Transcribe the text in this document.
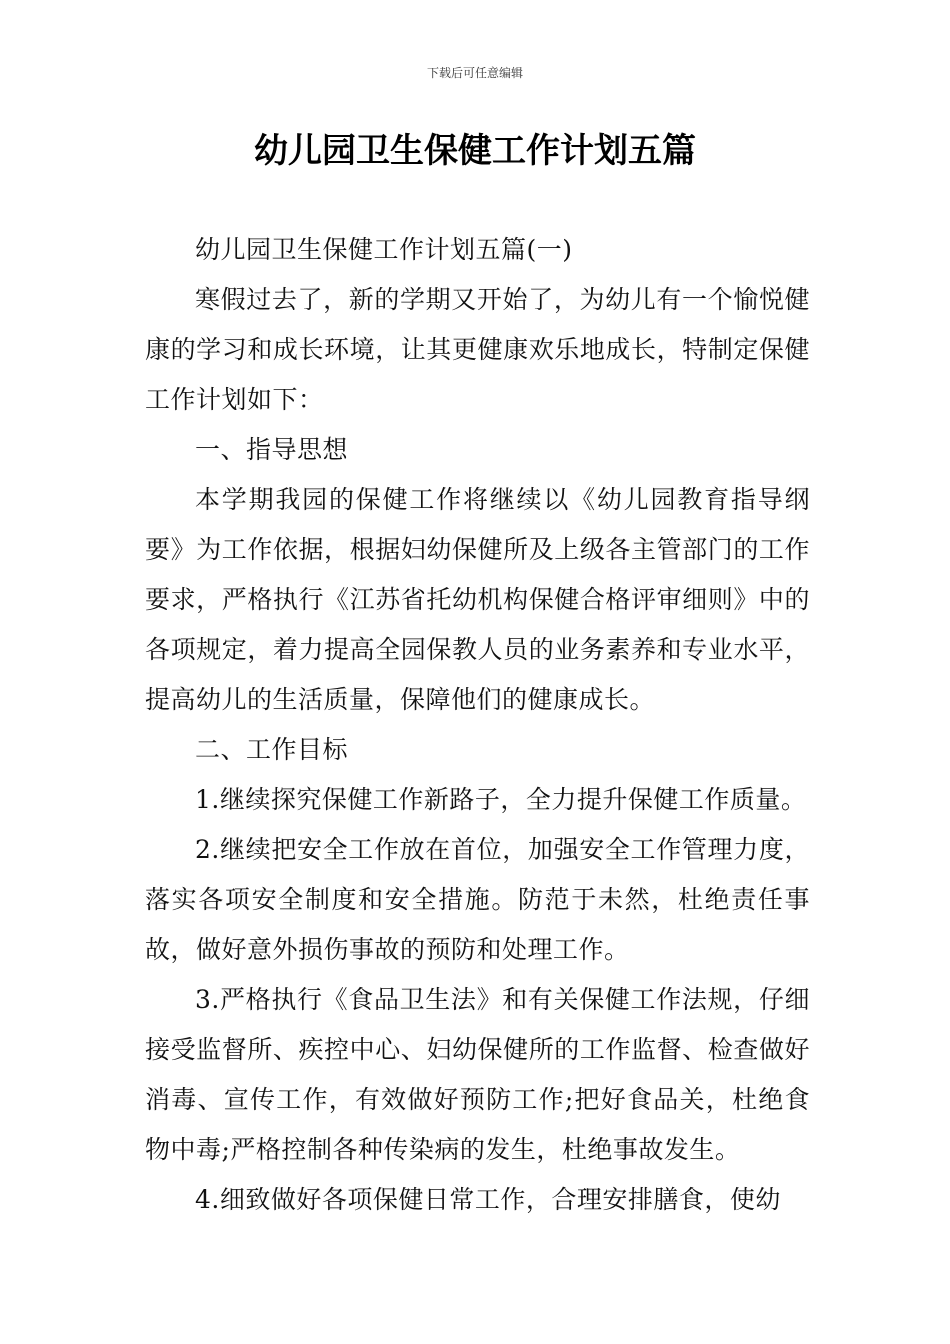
下载后可任意编辑
幼儿园卫生保健工作计划五篇

幼儿园卫生保健工作计划五篇(一)

寒假过去了，新的学期又开始了，为幼儿有一个愉悦健康的学习和成长环境，让其更健康欢乐地成长，特制定保健工作计划如下：

一、指导思想

本学期我园的保健工作将继续以《幼儿园教育指导纲要》为工作依据，根据妇幼保健所及上级各主管部门的工作要求，严格执行《江苏省托幼机构保健合格评审细则》中的各项规定，着力提高全园保教人员的业务素养和专业水平，提高幼儿的生活质量，保障他们的健康成长。

二、工作目标

1.继续探究保健工作新路子，全力提升保健工作质量。

2.继续把安全工作放在首位，加强安全工作管理力度，落实各项安全制度和安全措施。防范于未然，杜绝责任事故，做好意外损伤事故的预防和处理工作。

3.严格执行《食品卫生法》和有关保健工作法规，仔细接受监督所、疾控中心、妇幼保健所的工作监督、检查做好消毒、宣传工作，有效做好预防工作;把好食品关，杜绝食物中毒;严格控制各种传染病的发生，杜绝事故发生。

4.细致做好各项保健日常工作，合理安排膳食，使幼
